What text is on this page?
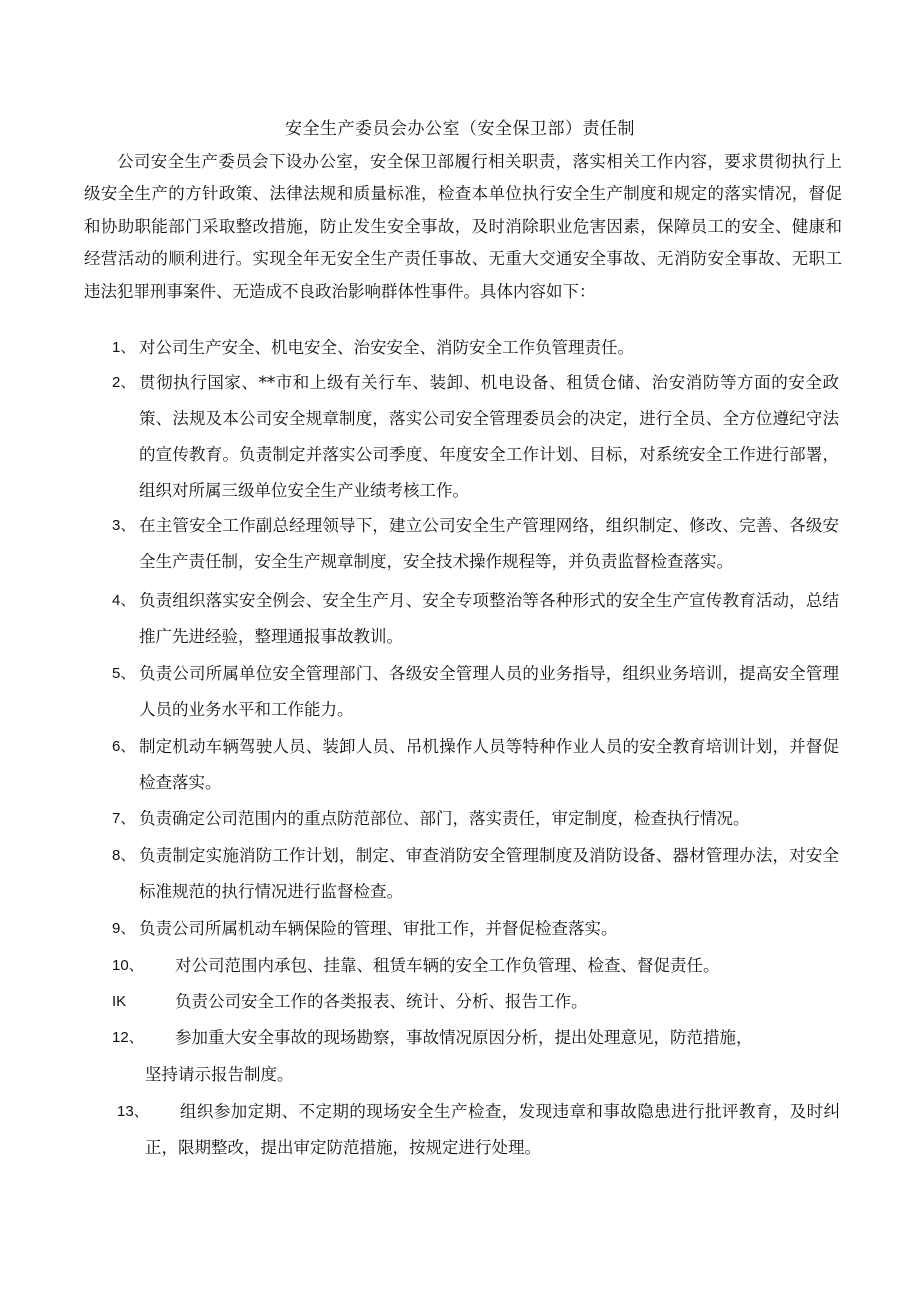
安全生产委员会办公室（安全保卫部）责任制

公司安全生产委员会下设办公室，安全保卫部履行相关职责，落实相关工作内容，要求贯彻执行上级安全生产的方针政策、法律法规和质量标准，检查本单位执行安全生产制度和规定的落实情况，督促和协助职能部门采取整改措施，防止发生安全事故，及时消除职业危害因素，保障员工的安全、健康和经营活动的顺利进行。实现全年无安全生产责任事故、无重大交通安全事故、无消防安全事故、无职工违法犯罪刑事案件、无造成不良政治影响群体性事件。具体内容如下：

1、 对公司生产安全、机电安全、治安安全、消防安全工作负管理责任。
2、 贯彻执行国家、**市和上级有关行车、装卸、机电设备、租赁仓储、治安消防等方面的安全政策、法规及本公司安全规章制度，落实公司安全管理委员会的决定，进行全员、全方位遵纪守法的宣传教育。负责制定并落实公司季度、年度安全工作计划、目标，对系统安全工作进行部署，组织对所属三级单位安全生产业绩考核工作。
3、 在主管安全工作副总经理领导下，建立公司安全生产管理网络，组织制定、修改、完善、各级安全生产责任制，安全生产规章制度，安全技术操作规程等，并负责监督检查落实。
4、 负责组织落实安全例会、安全生产月、安全专项整治等各种形式的安全生产宣传教育活动，总结推广先进经验，整理通报事故教训。
5、 负责公司所属单位安全管理部门、各级安全管理人员的业务指导，组织业务培训，提高安全管理人员的业务水平和工作能力。
6、 制定机动车辆驾驶人员、装卸人员、吊机操作人员等特种作业人员的安全教育培训计划，并督促检查落实。
7、 负责确定公司范围内的重点防范部位、部门，落实责任，审定制度，检查执行情况。
8、 负责制定实施消防工作计划，制定、审查消防安全管理制度及消防设备、器材管理办法，对安全标准规范的执行情况进行监督检查。
9、 负责公司所属机动车辆保险的管理、审批工作，并督促检查落实。
10、 对公司范围内承包、挂靠、租赁车辆的安全工作负管理、检查、督促责任。
IK	负责公司安全工作的各类报表、统计、分析、报告工作。
12、 参加重大安全事故的现场勘察，事故情况原因分析，提出处理意见，防范措施，
坚持请示报告制度。
13、	组织参加定期、不定期的现场安全生产检查，发现违章和事故隐患进行批评教育，及时纠正，限期整改，提出审定防范措施，按规定进行处理。
